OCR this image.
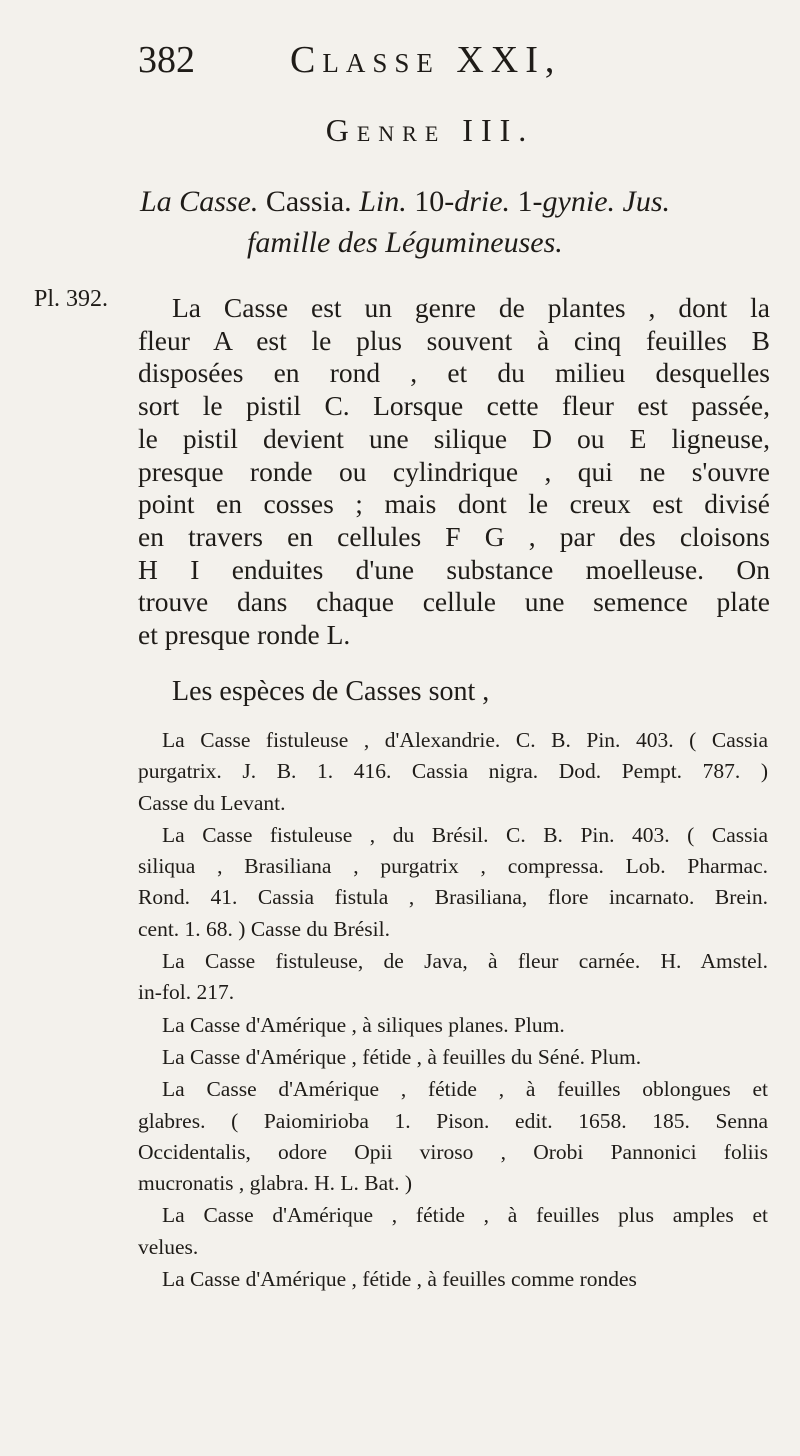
382	Classe XXI,
Genre III.
La Casse. Cassia. Lin. 10-drie. 1-gynie. Jus.
famille des Légumineuses.
Pl. 392.	La Casse est un genre de plantes , dont la
fleur A est le plus souvent à cinq feuilles B
disposées en rond , et du milieu desquelles
sort le pistil C. Lorsque cette fleur est passée,
le pistil devient une silique D ou E ligneuse,
presque ronde ou cylindrique , qui ne s'ouvre
point en cosses ; mais dont le creux est divisé
en travers en cellules F G , par des cloisons
H I enduites d'une substance moelleuse. On
trouve dans chaque cellule une semence plate
et presque ronde L.
Les espèces de Casses sont ,
La Casse fistuleuse , d'Alexandrie. C. B. Pin. 403. ( Cassia
purgatrix. J. B. 1. 416. Cassia nigra. Dod. Pempt. 787. )
Casse du Levant.
La Casse fistuleuse , du Brésil. C. B. Pin. 403. ( Cassia
siliqua , Brasiliana , purgatrix , compressa. Lob. Pharmac.
Rond. 41. Cassia fistula , Brasiliana, flore incarnato. Brein.
cent. 1. 68. ) Casse du Brésil.
La Casse fistuleuse, de Java, à fleur carnée. H. Amstel.
in-fol. 217.
La Casse d'Amérique , à siliques planes. Plum.
La Casse d'Amérique , fétide , à feuilles du Séné. Plum.
La Casse d'Amérique , fétide , à feuilles oblongues et
glabres. ( Paiomirioba 1. Pison. edit. 1658. 185. Senna
Occidentalis, odore Opii viroso , Orobi Pannonici foliis
mucronatis , glabra. H. L. Bat. )
La Casse d'Amérique , fétide , à feuilles plus amples et
velues.
La Casse d'Amérique , fétide , à feuilles comme rondes
